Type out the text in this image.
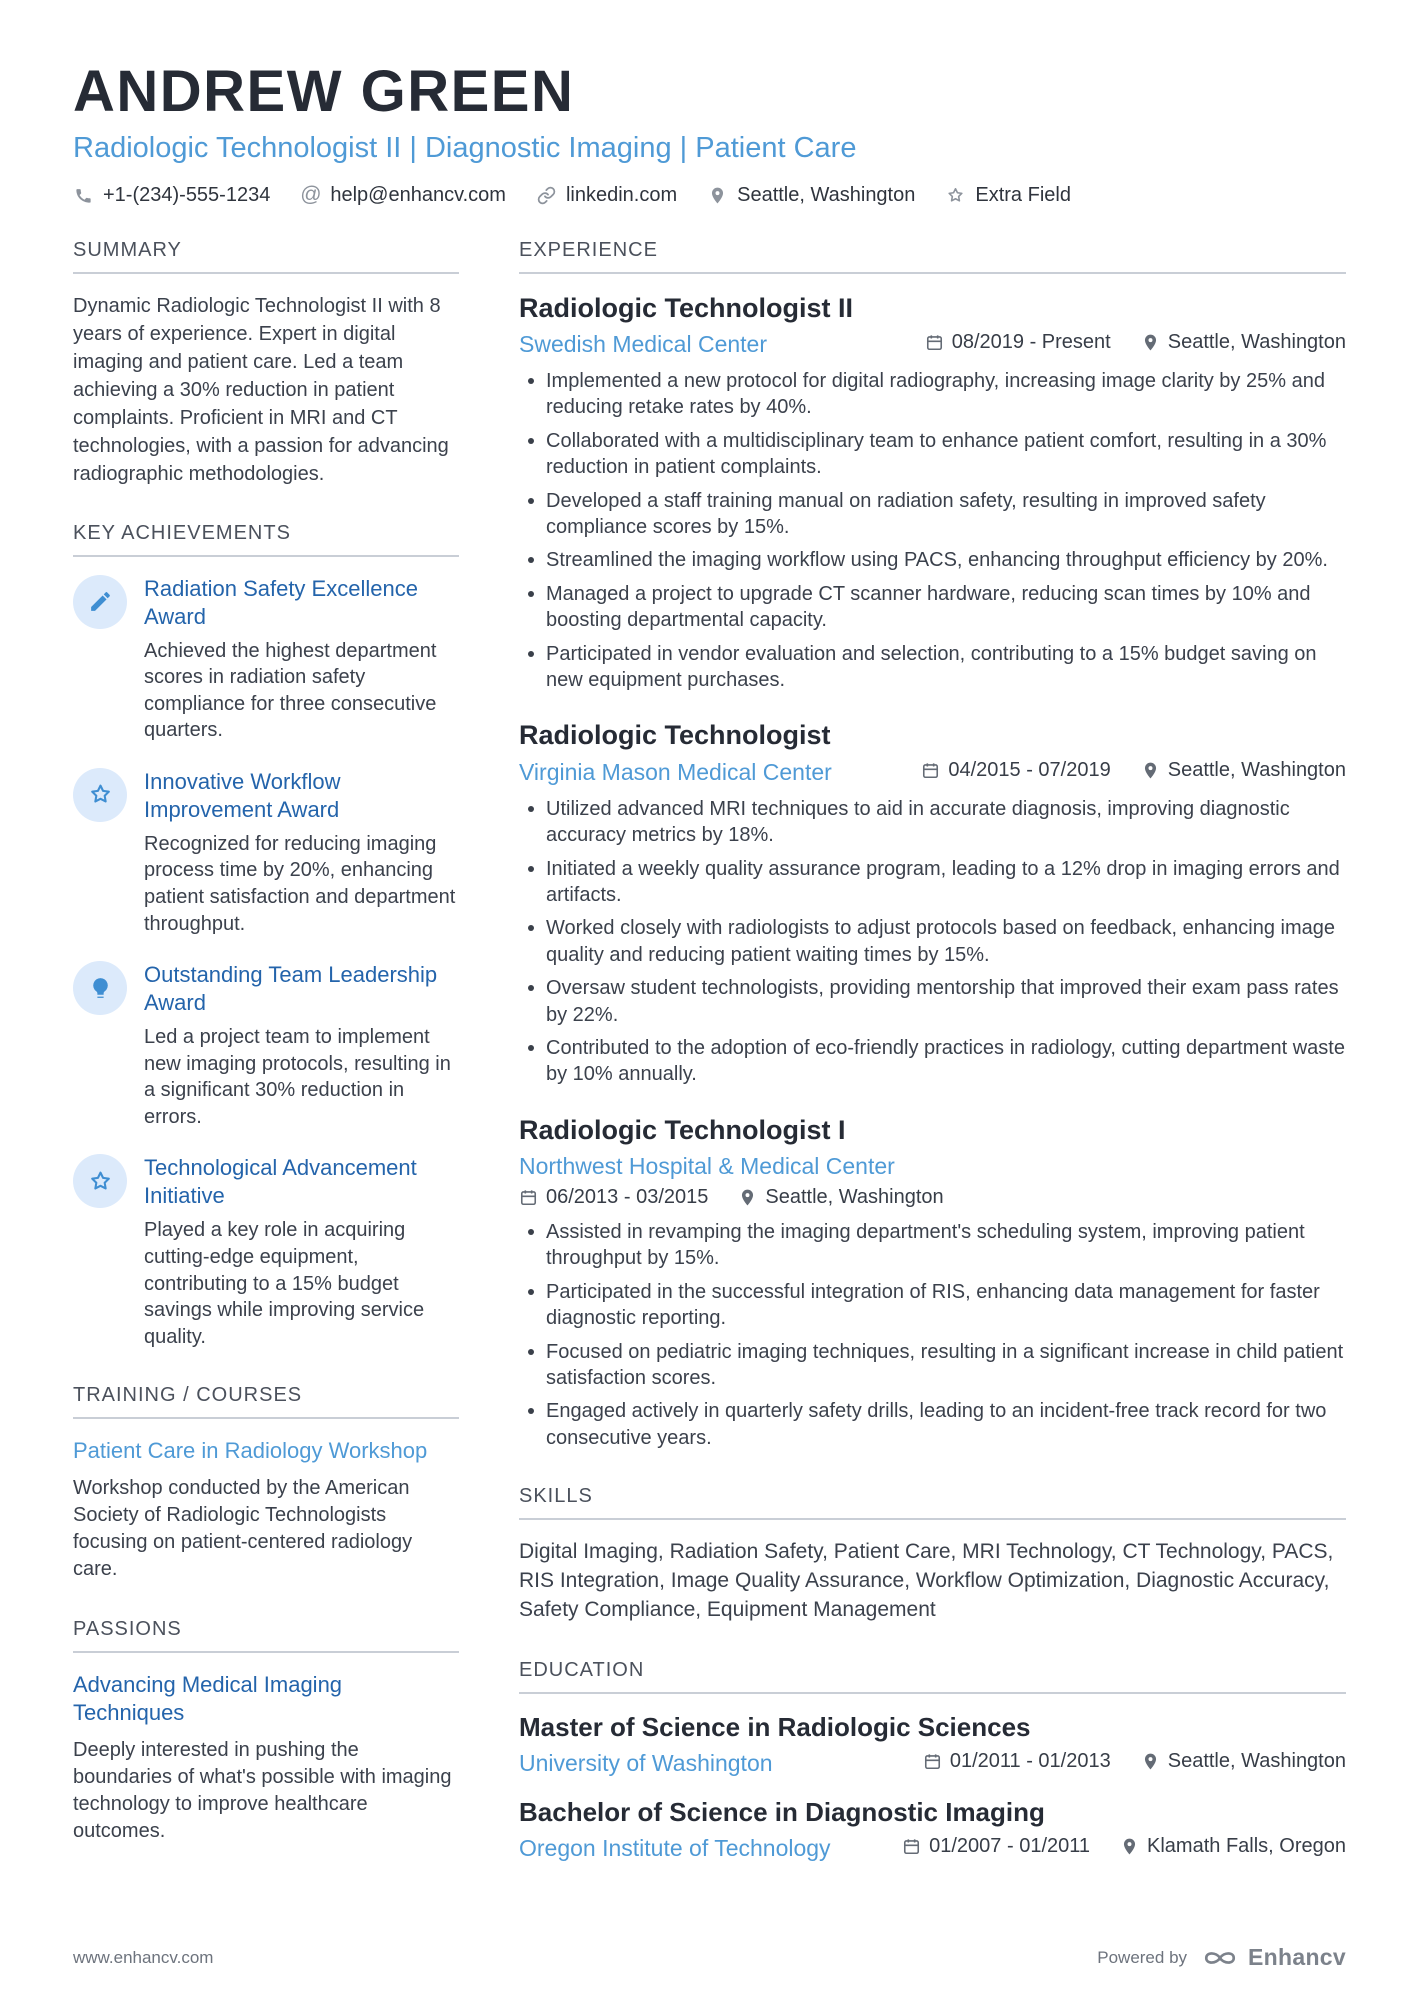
ANDREW GREEN
Radiologic Technologist II | Diagnostic Imaging | Patient Care
+1-(234)-555-1234 @ help@enhancv.com	linkedin.com	Seattle, Washington	Extra Field
SUMMARY

Dynamic Radiologic Technologist II with 8 years of experience. Expert in digital imaging and patient care. Led a team achieving a 30% reduction in patient complaints. Proficient in MRI and CT technologies, with a passion for advancing radiographic methodologies.

KEY ACHIEVEMENTS
Radiation Safety Excellence Award
Achieved the highest department scores in radiation safety compliance for three consecutive quarters.
Innovative Workflow Improvement Award
Recognized for reducing imaging process time by 20%, enhancing patient satisfaction and department throughput.
Outstanding Team Leadership Award
Led a project team to implement new imaging protocols, resulting in a significant 30% reduction in errors.
Technological Advancement Initiative
Played a key role in acquiring cutting-edge equipment, contributing to a 15% budget savings while improving service quality.
TRAINING / COURSES
Patient Care in Radiology Workshop
Workshop conducted by the American Society of Radiologic Technologists focusing on patient-centered radiology care.
PASSIONS
Advancing Medical Imaging Techniques
Deeply interested in pushing the boundaries of what's possible with imaging technology to improve healthcare outcomes.
EXPERIENCE
Radiologic Technologist II
Swedish Medical Center	08/2019 - Present	Seattle, Washington
Implemented a new protocol for digital radiography, increasing image clarity by 25% and reducing retake rates by 40%.
Collaborated with a multidisciplinary team to enhance patient comfort, resulting in a 30% reduction in patient complaints.
Developed a staff training manual on radiation safety, resulting in improved safety compliance scores by 15%.
Streamlined the imaging workflow using PACS, enhancing throughput efficiency by 20%.
Managed a project to upgrade CT scanner hardware, reducing scan times by 10% and boosting departmental capacity.
Participated in vendor evaluation and selection, contributing to a 15% budget saving on new equipment purchases.
Radiologic Technologist
Virginia Mason Medical Center	04/2015 - 07/2019	Seattle, Washington
Utilized advanced MRI techniques to aid in accurate diagnosis, improving diagnostic accuracy metrics by 18%.
Initiated a weekly quality assurance program, leading to a 12% drop in imaging errors and artifacts.
Worked closely with radiologists to adjust protocols based on feedback, enhancing image quality and reducing patient waiting times by 15%.
Oversaw student technologists, providing mentorship that improved their exam pass rates by 22%.
Contributed to the adoption of eco-friendly practices in radiology, cutting department waste by 10% annually.
Radiologic Technologist I
Northwest Hospital & Medical Center
06/2013 - 03/2015	Seattle, Washington
Assisted in revamping the imaging department's scheduling system, improving patient throughput by 15%.
Participated in the successful integration of RIS, enhancing data management for faster diagnostic reporting.
Focused on pediatric imaging techniques, resulting in a significant increase in child patient satisfaction scores.
Engaged actively in quarterly safety drills, leading to an incident-free track record for two consecutive years.
SKILLS

Digital Imaging, Radiation Safety, Patient Care, MRI Technology, CT Technology, PACS, RIS Integration, Image Quality Assurance, Workflow Optimization, Diagnostic Accuracy, Safety Compliance, Equipment Management

EDUCATION
Master of Science in Radiologic Sciences
University of Washington	01/2011 - 01/2013	Seattle, Washington
Bachelor of Science in Diagnostic Imaging
Oregon Institute of Technology	01/2007 - 01/2011	Klamath Falls, Oregon
www.enhancv.com	Powered by	Enhancv
